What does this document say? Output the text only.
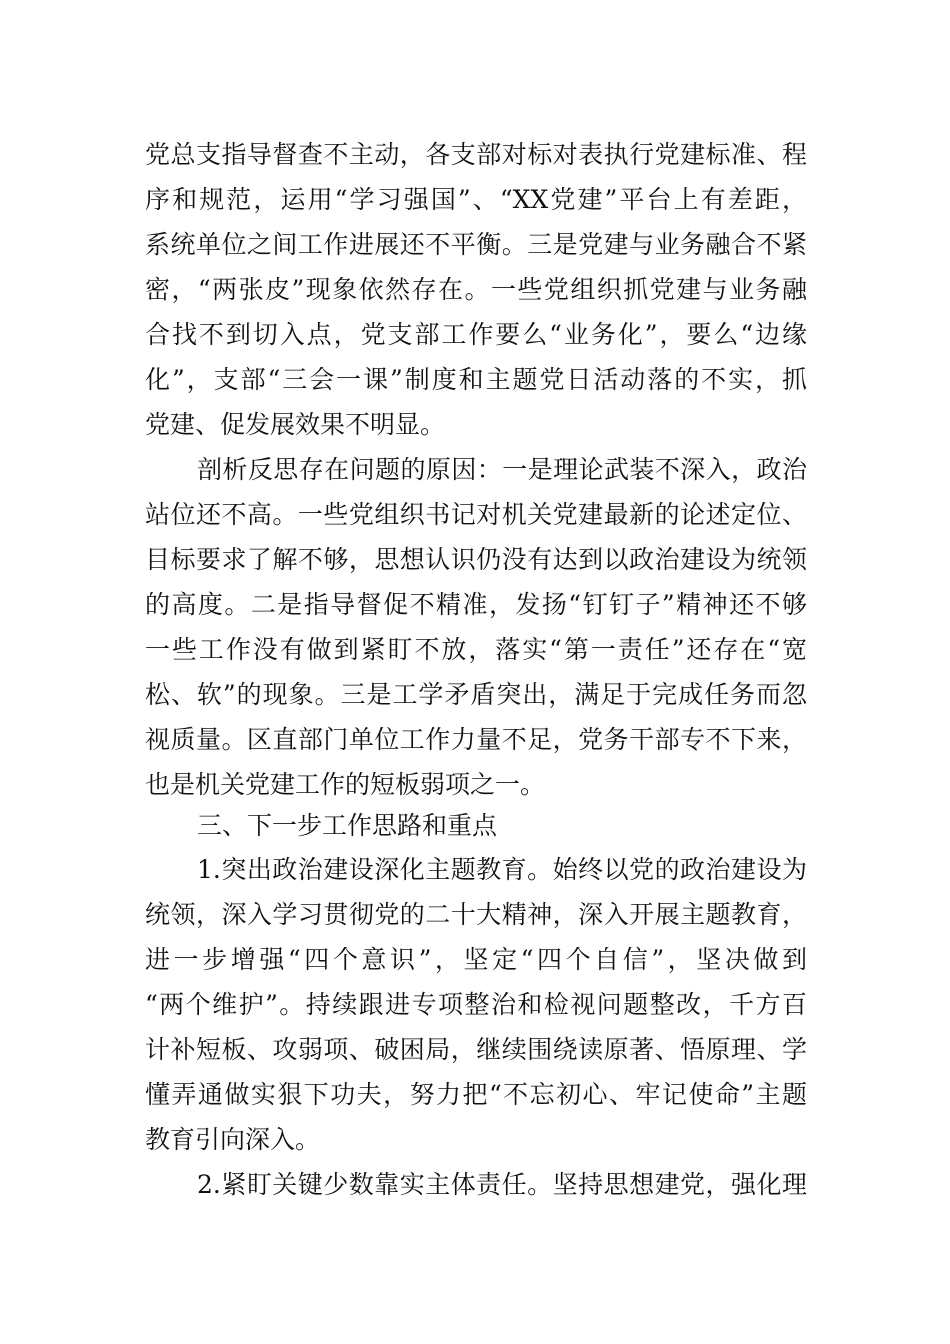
党总支指导督查不主动，各支部对标对表执行党建标准、程
序和规范，运用“学习强国”、“XX党建”平台上有差距，
系统单位之间工作进展还不平衡。三是党建与业务融合不紧
密，“两张皮”现象依然存在。一些党组织抓党建与业务融
合找不到切入点，党支部工作要么“业务化”，要么“边缘
化”，支部“三会一课”制度和主题党日活动落的不实，抓
党建、促发展效果不明显。
剖析反思存在问题的原因：一是理论武装不深入，政治
站位还不高。一些党组织书记对机关党建最新的论述定位、
目标要求了解不够，思想认识仍没有达到以政治建设为统领
的高度。二是指导督促不精准，发扬“钉钉子”精神还不够
一些工作没有做到紧盯不放，落实“第一责任”还存在“宽
松、软”的现象。三是工学矛盾突出，满足于完成任务而忽
视质量。区直部门单位工作力量不足，党务干部专不下来，
也是机关党建工作的短板弱项之一。
三、下一步工作思路和重点
1.突出政治建设深化主题教育。始终以党的政治建设为
统领，深入学习贯彻党的二十大精神，深入开展主题教育，
进一步增强“四个意识”，坚定“四个自信”，坚决做到
“两个维护”。持续跟进专项整治和检视问题整改，千方百
计补短板、攻弱项、破困局，继续围绕读原著、悟原理、学
懂弄通做实狠下功夫，努力把“不忘初心、牢记使命”主题
教育引向深入。
2.紧盯关键少数靠实主体责任。坚持思想建党，强化理
